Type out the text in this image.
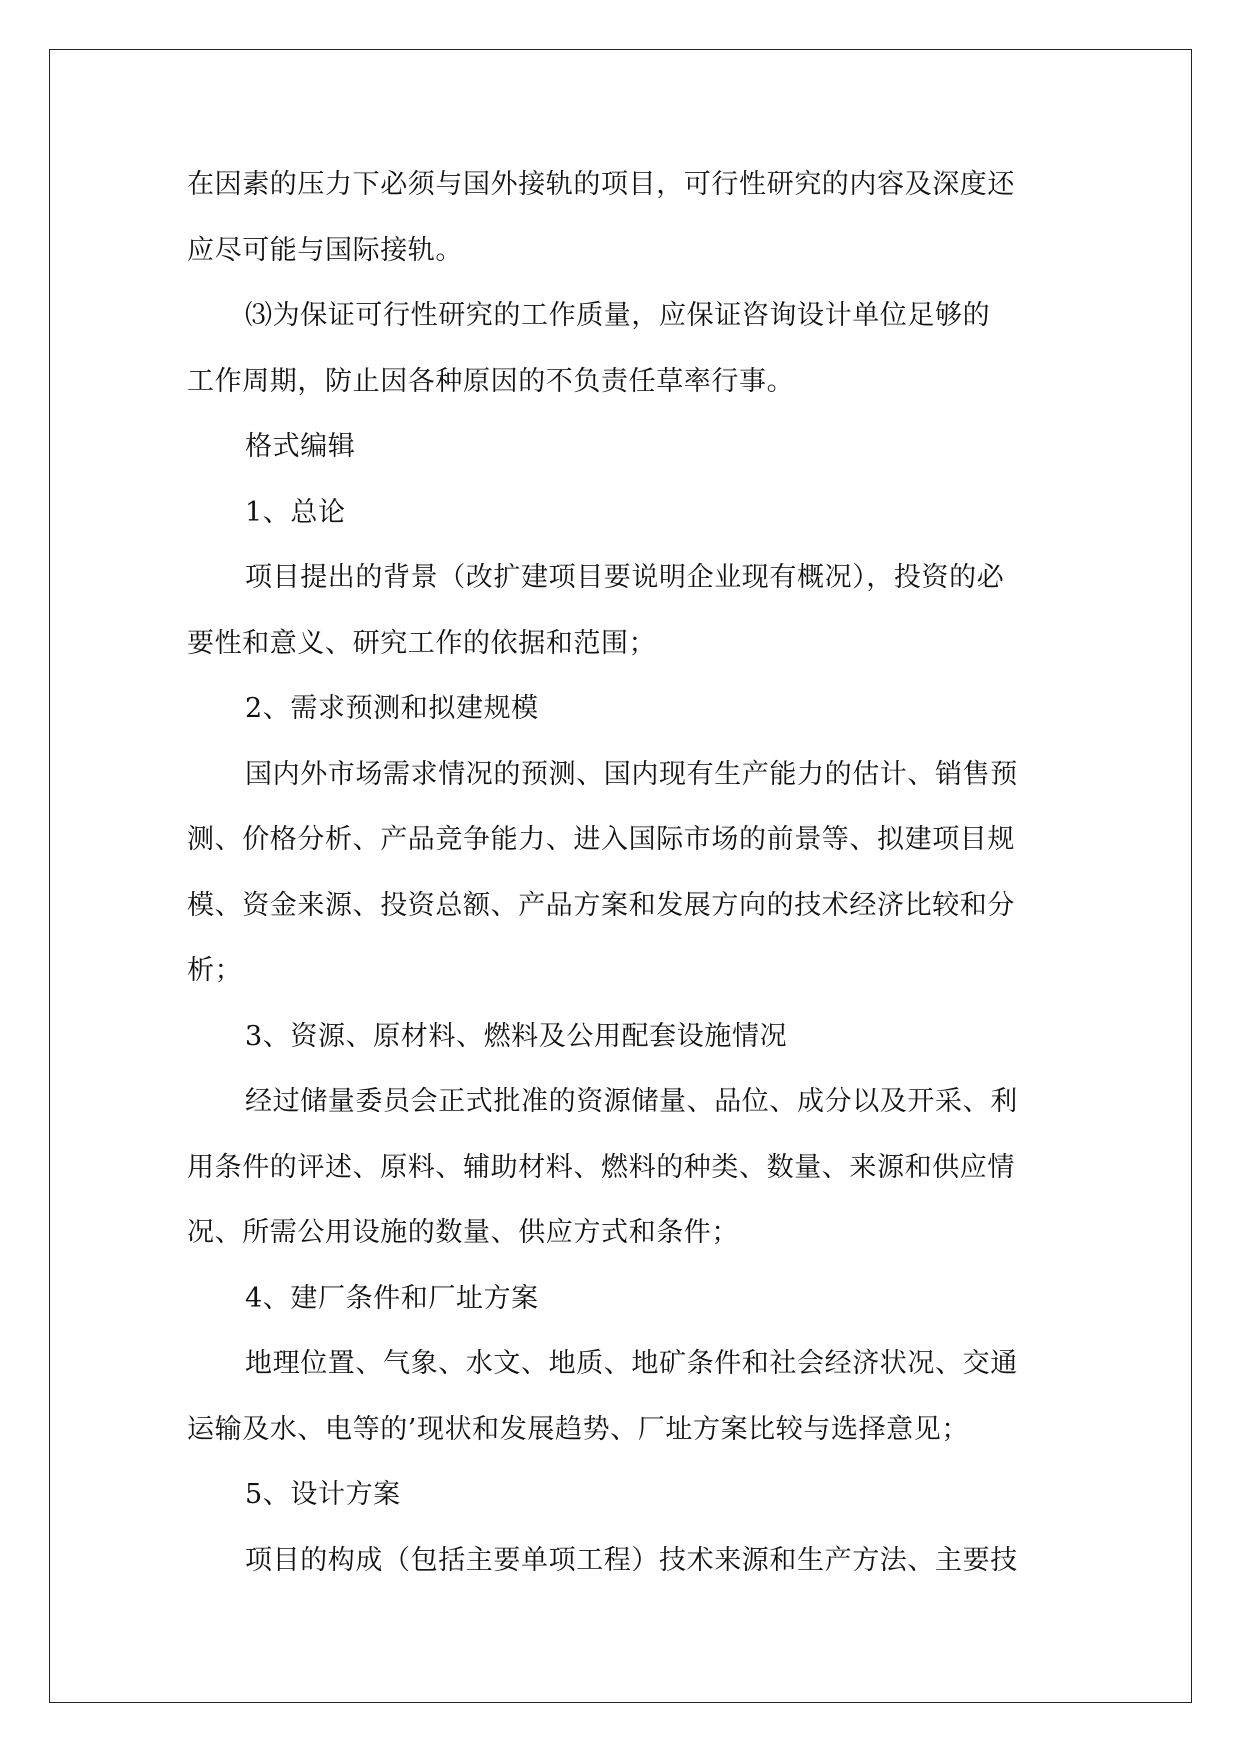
在因素的压力下必须与国外接轨的项目，可行性研究的内容及深度还
应尽可能与国际接轨。
⑶为保证可行性研究的工作质量，应保证咨询设计单位足够的
工作周期，防止因各种原因的不负责任草率行事。
格式编辑
1、总论
项目提出的背景（改扩建项目要说明企业现有概况），投资的必
要性和意义、研究工作的依据和范围；
2、需求预测和拟建规模
国内外市场需求情况的预测、国内现有生产能力的估计、销售预
测、价格分析、产品竞争能力、进入国际市场的前景等、拟建项目规
模、资金来源、投资总额、产品方案和发展方向的技术经济比较和分
析；
3、资源、原材料、燃料及公用配套设施情况
经过储量委员会正式批准的资源储量、品位、成分以及开采、利
用条件的评述、原料、辅助材料、燃料的种类、数量、来源和供应情
况、所需公用设施的数量、供应方式和条件；
4、建厂条件和厂址方案
地理位置、气象、水文、地质、地矿条件和社会经济状况、交通
运输及水、电等的’现状和发展趋势、厂址方案比较与选择意见；
5、设计方案
项目的构成（包括主要单项工程）技术来源和生产方法、主要技
